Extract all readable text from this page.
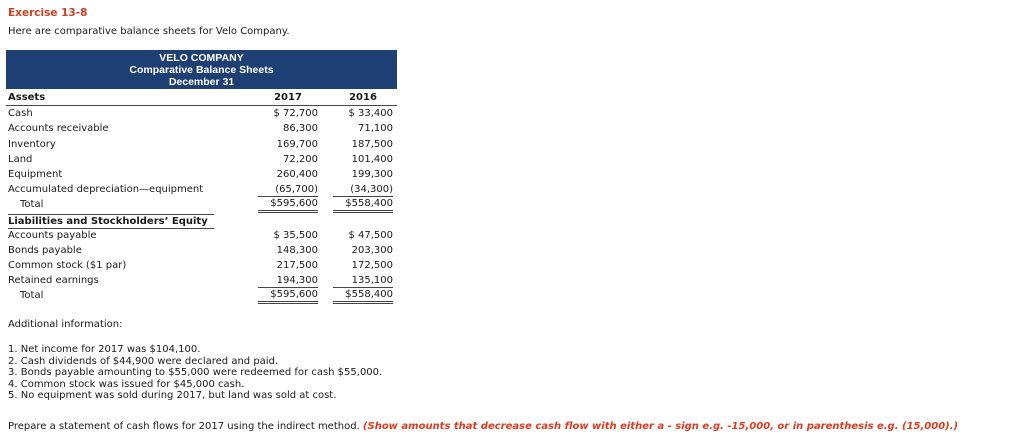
Exercise 13-8
Here are comparative balance sheets for Velo Company.
VELO COMPANY
Comparative Balance Sheets
December 31
Assets	2017	2016
Cash	$ 72,700	$ 33,400
Accounts receivable	86,300	71,100
Inventory	169,700	187,500
Land	72,200	101,400
Equipment	260,400	199,300
Accumulated depreciation—equipment	(65,700)	(34,300)
Total	$595,600	$558,400
Liabilities and Stockholders’ Equity
Accounts payable	$ 35,500	$ 47,500
Bonds payable	148,300	203,300
Common stock ($1 par)	217,500	172,500
Retained earnings	194,300	135,100
Total	$595,600	$558,400
Additional information:
1. Net income for 2017 was $104,100.
2. Cash dividends of $44,900 were declared and paid.
3. Bonds payable amounting to $55,000 were redeemed for cash $55,000.
4. Common stock was issued for $45,000 cash.
5. No equipment was sold during 2017, but land was sold at cost.
Prepare a statement of cash flows for 2017 using the indirect method. (Show amounts that decrease cash flow with either a - sign e.g. -15,000, or in parenthesis e.g. (15,000).)
